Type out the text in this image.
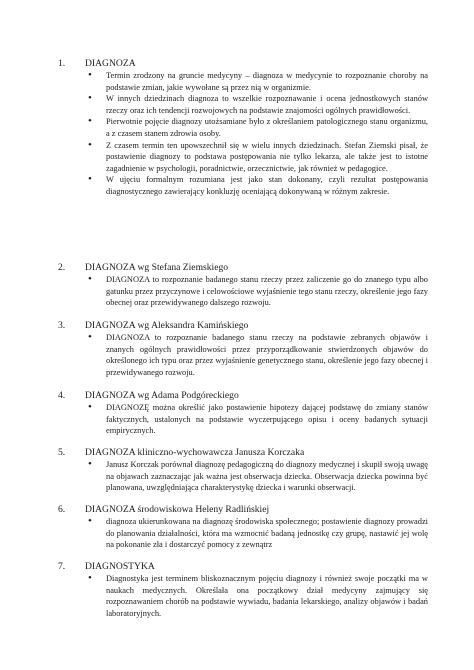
1.	DIAGNOZA
• Termin zrodzony na gruncie medycyny – diagnoza w medycynie to rozpoznanie choroby na podstawie zmian, jakie wywołane są przez nią w organizmie.
• W innych dziedzinach diagnoza to wszelkie rozpoznawanie i ocena jednostkowych stanów rzeczy oraz ich tendencji rozwojowych na podstawie znajomości ogólnych prawidłowości.
• Pierwotnie pojęcie diagnozy utożsamiane było z określaniem patologicznego stanu organizmu, a z czasem stanem zdrowia osoby.
• Z czasem termin ten upowszechnił się w wielu innych dziedzinach. Stefan Ziemski pisał, że postawienie diagnozy to podstawa postępowania nie tylko lekarza, ale także jest to istotne zagadnienie w psychologii, poradnictwie, orzecznictwie, jak również w pedagogice.
• W ujęciu formalnym rozumiana jest jako stan dokonany, czyli rezultat postępowania diagnostycznego zawierający konkluzję oceniającą dokonywaną w różnym zakresie.
2.	DIAGNOZA wg Stefana Ziemskiego
• DIAGNOZA to rozpoznanie badanego stanu rzeczy przez zaliczenie go do znanego typu albo gatunku przez przyczynowe i celowościowe wyjaśnienie tego stanu rzeczy, określenie jego fazy obecnej oraz przewidywanego dalszego rozwoju.
3.	DIAGNOZA wg Aleksandra Kamińskiego
• DIAGNOZA to rozpoznanie badanego stanu rzeczy na podstawie zebranych objawów i znanych ogólnych prawidłowości przez przyporządkowanie stwierdzonych objawów do określonego ich typu oraz przez wyjaśnienie genetycznego stanu, określenie jego fazy obecnej i przewidywanego rozwoju.
4.	DIAGNOZA wg Adama Podgóreckiego
• DIAGNOZĘ można określić jako postawienie hipotezy dającej podstawę do zmiany stanów faktycznych, ustalonych na podstawie wyczerpującego opisu i oceny badanych sytuacji empirycznych.
5.	DIAGNOZA kliniczno-wychowawcza Janusza Korczaka
• Janusz Korczak porównał diagnozę pedagogiczną do diagnozy medycznej i skupił swoją uwagę na objawach zaznaczając jak ważna jest obserwacja dziecka. Obserwacja dziecka powinna być planowana, uwzględniająca charakterystykę dziecka i warunki obserwacji.
6.	DIAGNOZA środowiskowa Heleny Radlińskiej
• diagnoza ukierunkowana na diagnozę środowiska społecznego; postawienie diagnozy prowadzi do planowania działalności, która ma wzmocnić badaną jednostkę czy grupę, nastawić jej wolę na pokonanie zła i dostarczyć pomocy z zewnątrz
7.	DIAGNOSTYKA
• Diagnostyka jest terminem bliskoznacznym pojęciu diagnozy i również swoje początki ma w naukach medycznych. Określała ona początkowy dział medycyny zajmujący się rozpoznawaniem chorób na podstawie wywiadu, badania lekarskiego, analizy objawów i badań laboratoryjnych.
